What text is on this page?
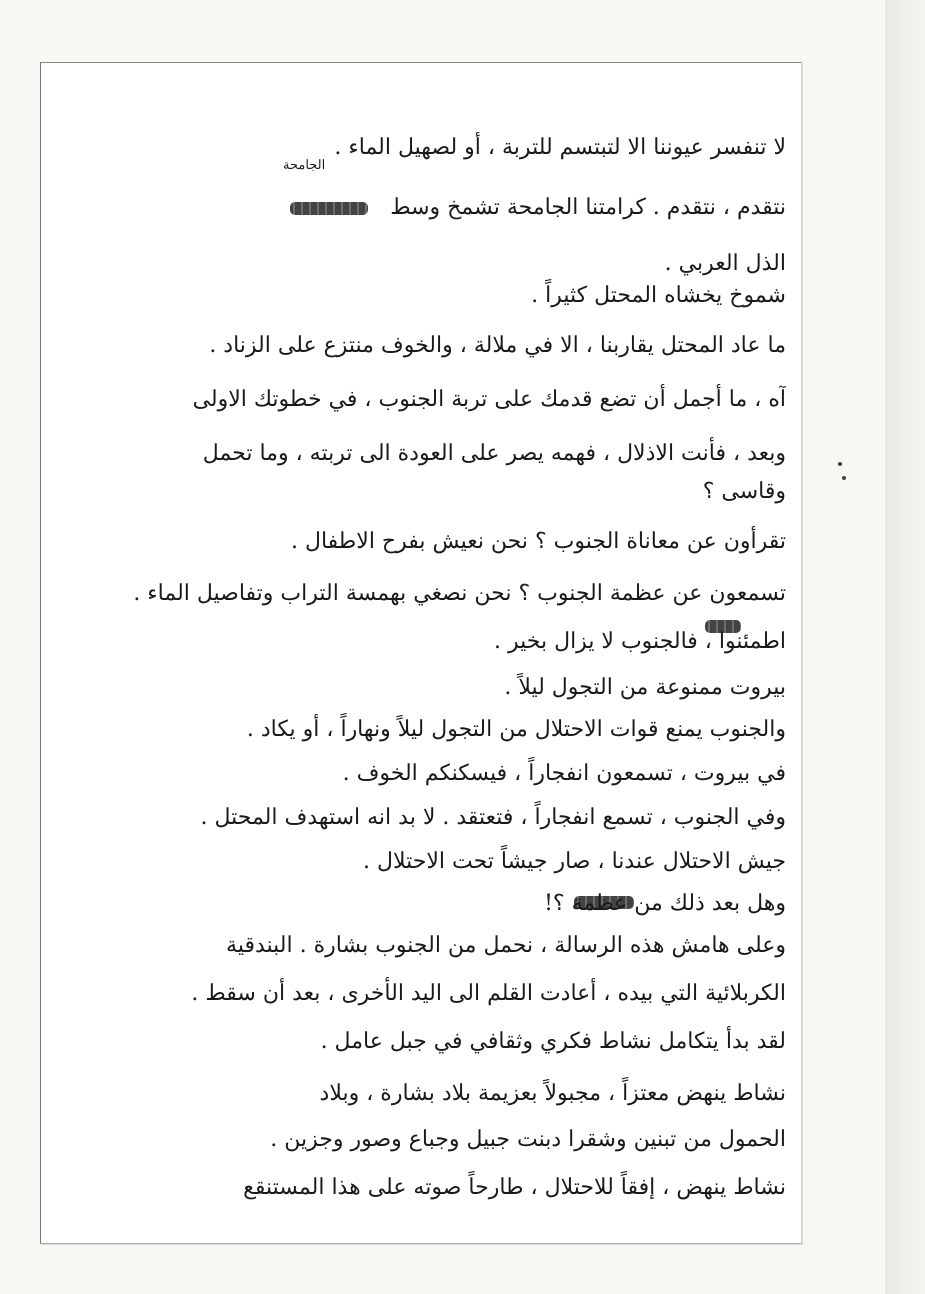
الجامحة
لا تنفسر عيوننا الا لتبتسم للتربة ، أو لصهيل الماء .
نتقدم ، نتقدم . كرامتنا الجامحة تشمخ وسط
الذل العربي .
شموخ يخشاه المحتل كثيراً .
ما عاد المحتل يقاربنا ، الا في ملالة ، والخوف منتزع على الزناد .
آه ، ما أجمل أن تضع قدمك على تربة الجنوب ، في خطوتك الاولى
وبعد ، فأنت الاذلال ، فهمه يصر على العودة الى تربته ، وما تحمل
وقاسى ؟
تقرأون عن معاناة الجنوب ؟ نحن نعيش بفرح الاطفال .
تسمعون عن عظمة الجنوب ؟ نحن نصغي بهمسة التراب وتفاصيل الماء .
اطمئنوا ، فالجنوب لا يزال بخير .
بيروت ممنوعة من التجول ليلاً .
والجنوب يمنع قوات الاحتلال من التجول ليلاً ونهاراً ، أو يكاد .
في بيروت ، تسمعون انفجاراً ، فيسكنكم الخوف .
وفي الجنوب ، تسمع انفجاراً ، فتعتقد . لا بد انه استهدف المحتل .
جيش الاحتلال عندنا ، صار جيشاً تحت الاحتلال .
وهل بعد ذلك من عظمة ؟!
وعلى هامش هذه الرسالة ، نحمل من الجنوب بشارة . البندقية
الكربلائية التي بيده ، أعادت القلم الى اليد الأخرى ، بعد أن سقط .
لقد بدأ يتكامل نشاط فكري وثقافي في جبل عامل .
نشاط ينهض معتزاً ، مجبولاً بعزيمة بلاد بشارة ، وبلاد
الحمول من تبنين وشقرا دبنت جبيل وجباع وصور وجزين .
نشاط ينهض ، إفقاً للاحتلال ، طارحاً صوته على هذا المستنقع
